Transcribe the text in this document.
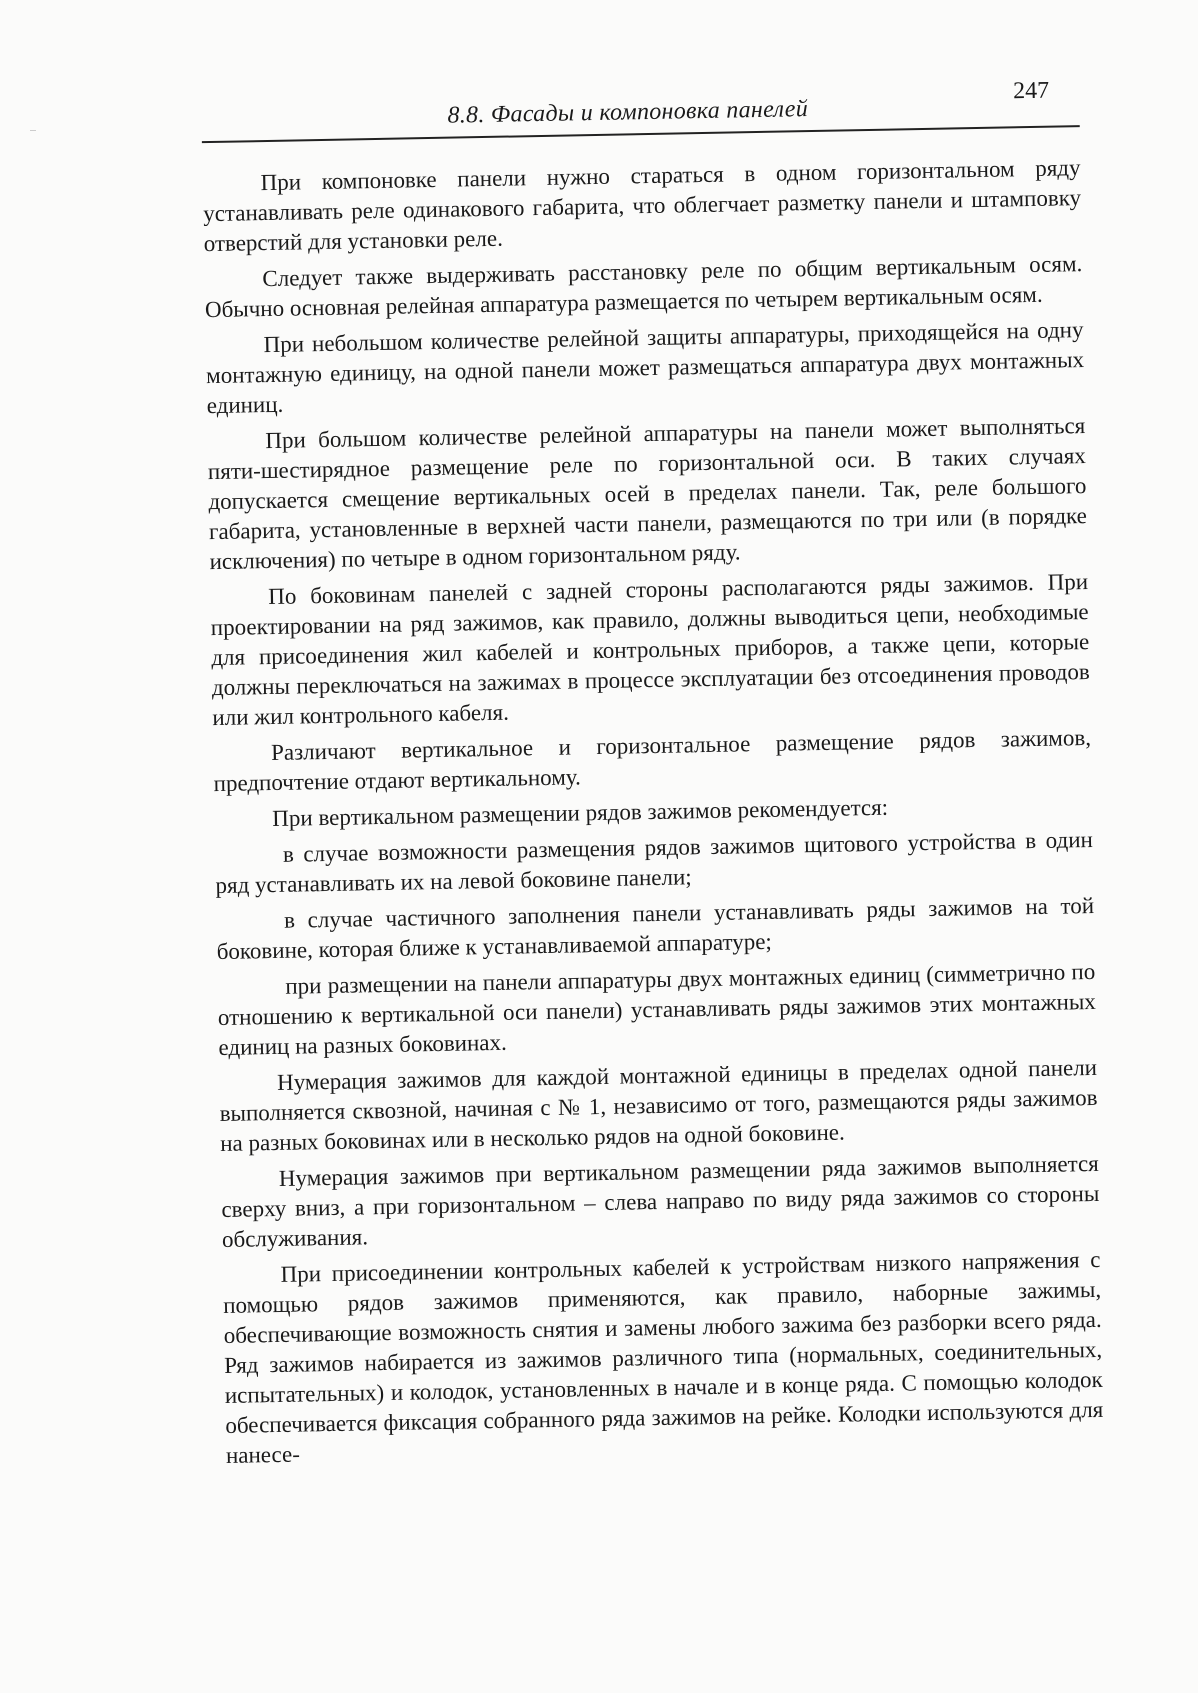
8.8. Фасады и компоновка панелей
247

При компоновке панели нужно стараться в одном горизонтальном ряду устанавливать реле одинакового габарита, что облегчает разметку панели и штамповку отверстий для установки реле.

Следует также выдерживать расстановку реле по общим вертикальным осям. Обычно основная релейная аппаратура размещается по четырем вертикальным осям.

При небольшом количестве релейной защиты аппаратуры, приходящейся на одну монтажную единицу, на одной панели может размещаться аппаратура двух монтажных единиц.

При большом количестве релейной аппаратуры на панели может выполняться пяти-шестирядное размещение реле по горизонтальной оси. В таких случаях допускается смещение вертикальных осей в пределах панели. Так, реле большого габарита, установленные в верхней части панели, размещаются по три или (в порядке исключения) по четыре в одном горизонтальном ряду.

По боковинам панелей с задней стороны располагаются ряды зажимов. При проектировании на ряд зажимов, как правило, должны выводиться цепи, необходимые для присоединения жил кабелей и контрольных приборов, а также цепи, которые должны переключаться на зажимах в процессе эксплуатации без отсоединения проводов или жил контрольного кабеля.

Различают вертикальное и горизонтальное размещение рядов зажимов, предпочтение отдают вертикальному.

При вертикальном размещении рядов зажимов рекомендуется:

в случае возможности размещения рядов зажимов щитового устройства в один ряд устанавливать их на левой боковине панели;

в случае частичного заполнения панели устанавливать ряды зажимов на той боковине, которая ближе к устанавливаемой аппаратуре;

при размещении на панели аппаратуры двух монтажных единиц (симметрично по отношению к вертикальной оси панели) устанавливать ряды зажимов этих монтажных единиц на разных боковинах.

Нумерация зажимов для каждой монтажной единицы в пределах одной панели выполняется сквозной, начиная с № 1, независимо от того, размещаются ряды зажимов на разных боковинах или в несколько рядов на одной боковине.

Нумерация зажимов при вертикальном размещении ряда зажимов выполняется сверху вниз, а при горизонтальном – слева направо по виду ряда зажимов со стороны обслуживания.

При присоединении контрольных кабелей к устройствам низкого напряжения с помощью рядов зажимов применяются, как правило, наборные зажимы, обеспечивающие возможность снятия и замены любого зажима без разборки всего ряда. Ряд зажимов набирается из зажимов различного типа (нормальных, соединительных, испытательных) и колодок, установленных в начале и в конце ряда. С помощью колодок обеспечивается фиксация собранного ряда зажимов на рейке. Колодки используются для нанесе-
